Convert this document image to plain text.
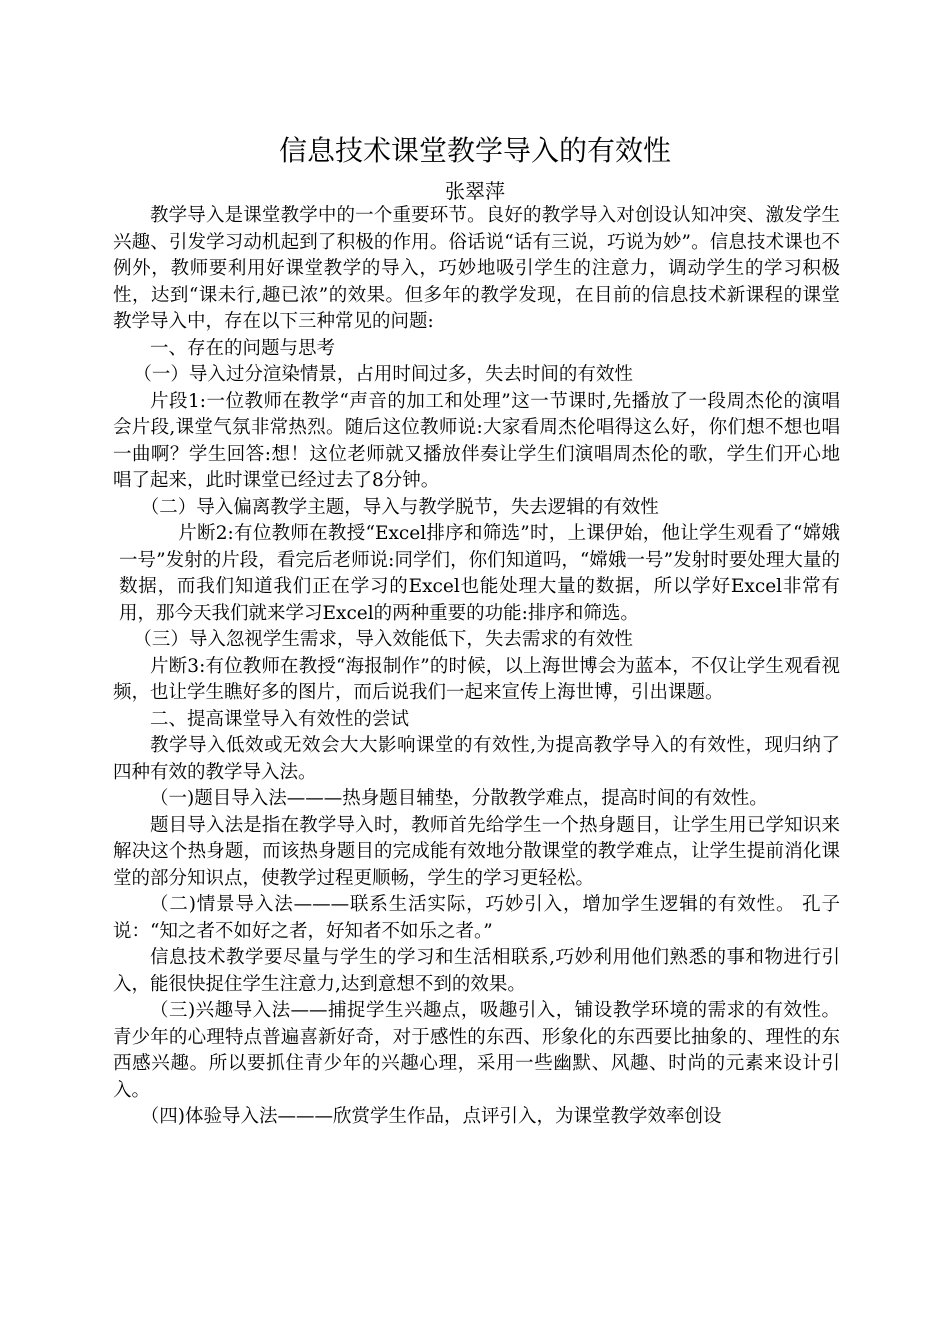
信息技术课堂教学导入的有效性
张翠萍

教学导入是课堂教学中的一个重要环节。良好的教学导入对创设认知冲突、激发学生兴趣、引发学习动机起到了积极的作用。俗话说“话有三说，巧说为妙”。信息技术课也不例外，教师要利用好课堂教学的导入，巧妙地吸引学生的注意力，调动学生的学习积极性，达到“课未行,趣已浓”的效果。但多年的教学发现，在目前的信息技术新课程的课堂教学导入中，存在以下三种常见的问题:

一、存在的问题与思考

（一）导入过分渲染情景，占用时间过多，失去时间的有效性

片段1:一位教师在教学“声音的加工和处理”这一节课时,先播放了一段周杰伦的演唱会片段,课堂气氛非常热烈。随后这位教师说:大家看周杰伦唱得这么好，你们想不想也唱一曲啊？学生回答:想！这位老师就又播放伴奏让学生们演唱周杰伦的歌，学生们开心地唱了起来，此时课堂已经过去了8分钟。

（二）导入偏离教学主题，导入与教学脱节，失去逻辑的有效性

片断2:有位教师在教授“Excel排序和筛选”时，上课伊始，他让学生观看了“嫦娥一号”发射的片段，看完后老师说:同学们，你们知道吗，“嫦娥一号”发射时要处理大量的数据，而我们知道我们正在学习的Excel也能处理大量的数据，所以学好Excel非常有用，那今天我们就来学习Excel的两种重要的功能:排序和筛选。

（三）导入忽视学生需求，导入效能低下，失去需求的有效性

片断3:有位教师在教授“海报制作”的时候，以上海世博会为蓝本，不仅让学生观看视频，也让学生瞧好多的图片，而后说我们一起来宣传上海世博，引出课题。

二、提高课堂导入有效性的尝试

教学导入低效或无效会大大影响课堂的有效性,为提高教学导入的有效性，现归纳了四种有效的教学导入法。

（一)题目导入法———热身题目辅垫，分散教学难点，提高时间的有效性。

题目导入法是指在教学导入时，教师首先给学生一个热身题目，让学生用已学知识来解决这个热身题，而该热身题目的完成能有效地分散课堂的教学难点，让学生提前消化课堂的部分知识点，使教学过程更顺畅，学生的学习更轻松。

（二)情景导入法———联系生活实际，巧妙引入，增加学生逻辑的有效性。 孔子说：“知之者不如好之者，好知者不如乐之者。”

信息技术教学要尽量与学生的学习和生活相联系,巧妙利用他们熟悉的事和物进行引入，能很快捉住学生注意力,达到意想不到的效果。

（三)兴趣导入法——捕捉学生兴趣点，吸趣引入，铺设教学环境的需求的有效性。青少年的心理特点普遍喜新好奇，对于感性的东西、形象化的东西要比抽象的、理性的东西感兴趣。所以要抓住青少年的兴趣心理，采用一些幽默、风趣、时尚的元素来设计引入。

（四)体验导入法———欣赏学生作品，点评引入，为课堂教学效率创设
